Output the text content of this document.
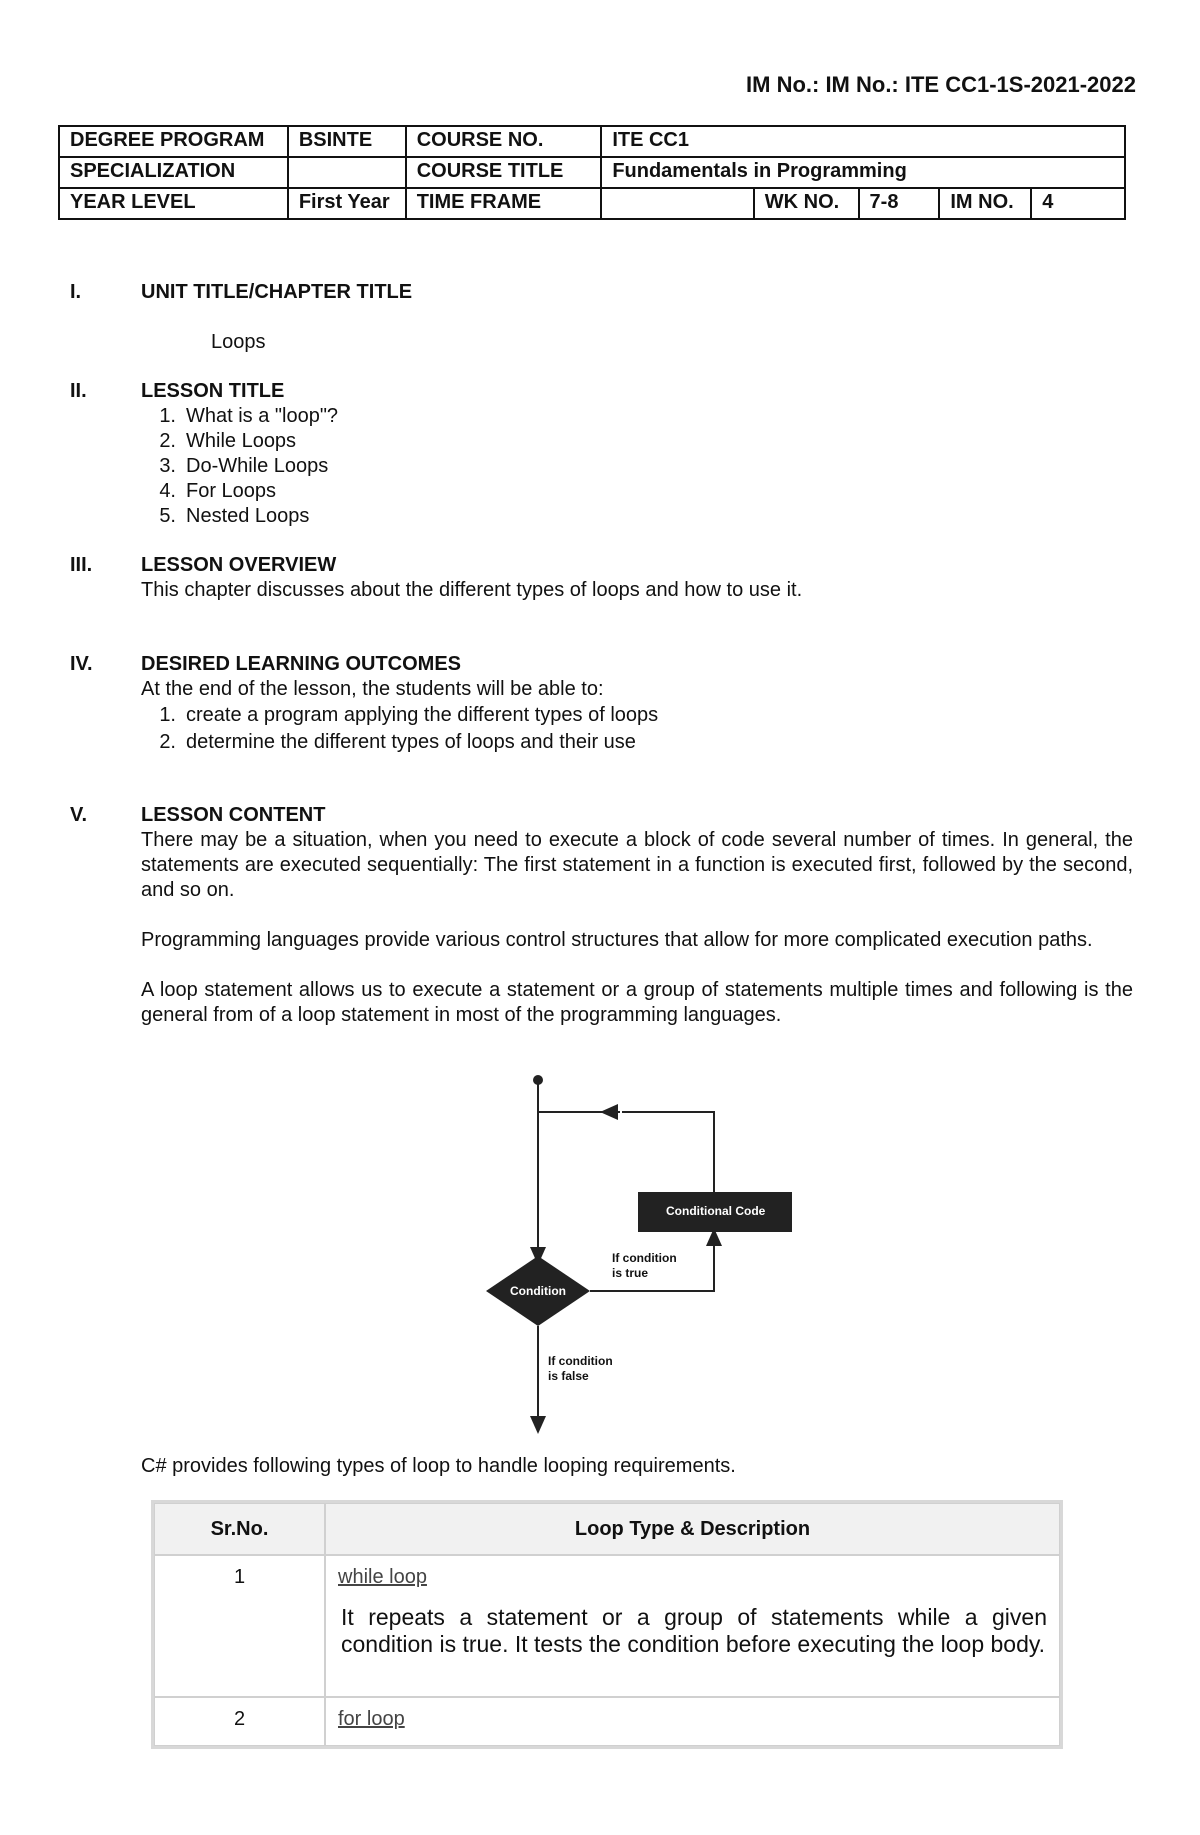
IM No.: IM No.: ITE CC1-1S-2021-2022
DEGREE PROGRAM	BSINTE	COURSE NO.	ITE CC1				
SPECIALIZATION		COURSE TITLE	Fundamentals in Programming				
YEAR LEVEL	First Year	TIME FRAME		WK NO.	7-8	IM NO.	4
I.	UNIT TITLE/CHAPTER TITLE
Loops
II.	LESSON TITLE
1. What is a "loop"?
2. While Loops
3. Do-While Loops
4. For Loops
5. Nested Loops
III.	LESSON OVERVIEW
This chapter discusses about the different types of loops and how to use it.
IV.	DESIRED LEARNING OUTCOMES
At the end of the lesson, the students will be able to:
1. create a program applying the different types of loops
2. determine the different types of loops and their use
V.	LESSON CONTENT
There may be a situation, when you need to execute a block of code several number of times. In general, the statements are executed sequentially: The first statement in a function is executed first, followed by the second, and so on.
Programming languages provide various control structures that allow for more complicated execution paths.
A loop statement allows us to execute a statement or a group of statements multiple times and following is the general from of a loop statement in most of the programming languages.
Conditional Code
Condition
If condition
is true
If condition
is false
C# provides following types of loop to handle looping requirements.
Sr.No.	Loop Type & Description
1	while loop
It repeats a statement or a group of statements while a given condition is true. It tests the condition before executing the loop body.

2	for loop
